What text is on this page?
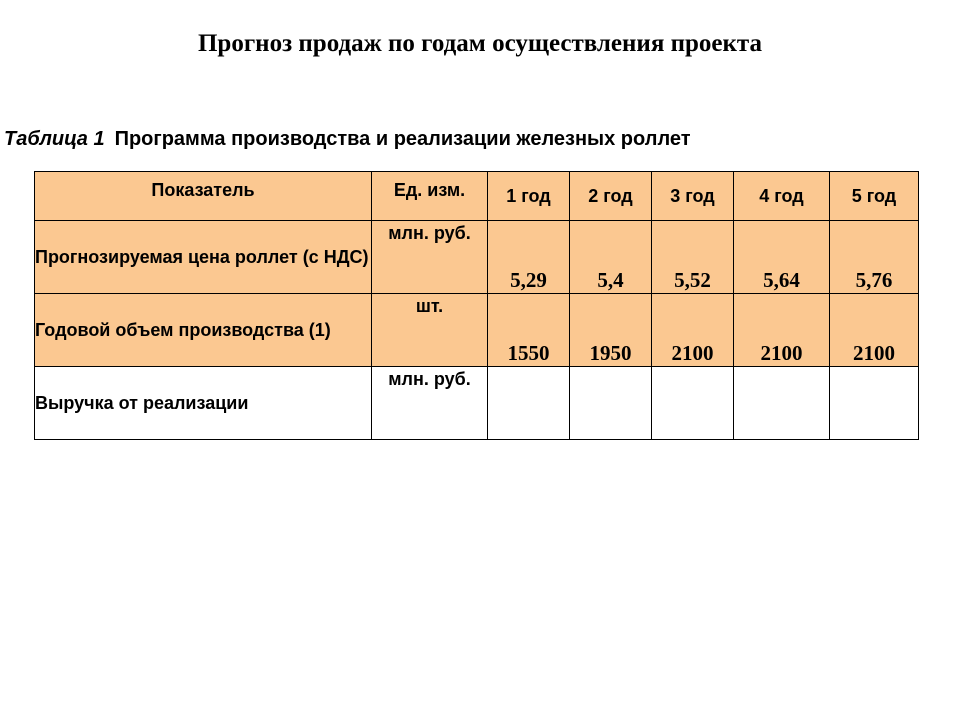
Прогноз продаж по годам осуществления проекта
Таблица 1 Программа производства и реализации железных роллет
Показатель	Ед. изм.	1 год	2 год	3 год	4 год	5 год
Прогнозируемая цена роллет (с НДС)	млн. руб.	5,29	5,4	5,52	5,64	5,76
Годовой объем производства (1)	шт.	1550	1950	2100	2100	2100
Выручка от реализации	млн. руб.					
